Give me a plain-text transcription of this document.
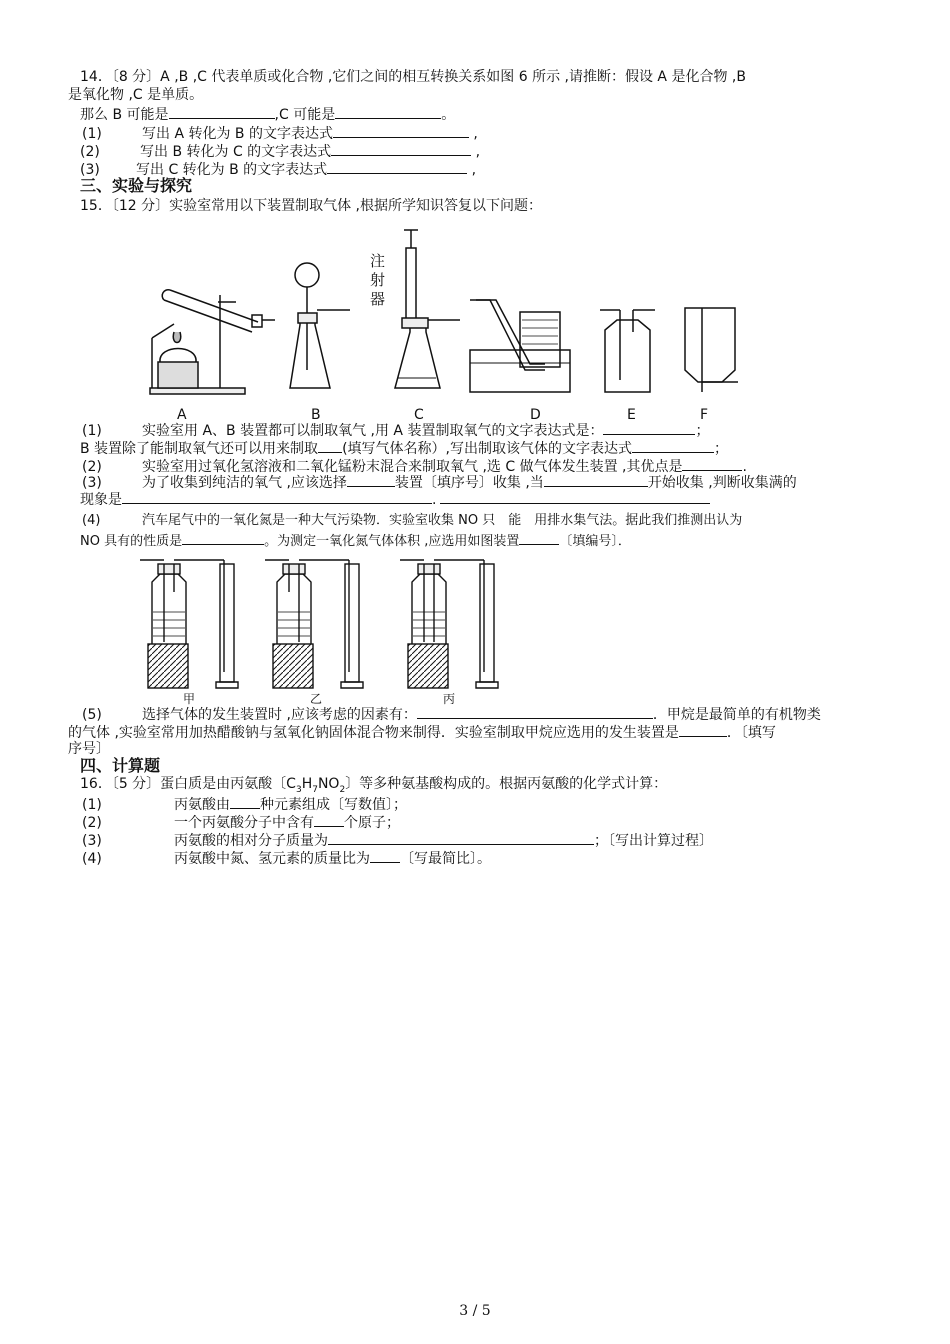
14．〔8 分〕A ,B ,C 代表单质或化合物 ,它们之间的相互转换关系如图 6 所示 ,请推断：假设 A 是化合物 ,B
是氧化物 ,C 是单质。
那么 B 可能是	,C 可能是	。
(1)	写出 A 转化为 B 的文字表达式	,
(2)	写出 B 转化为 C 的文字表达式	,
(3)	写出 C 转化为 B 的文字表达式	,
三、实验与探究
15．〔12 分〕实验室常用以下装置制取气体 ,根据所学知识答复以下问题：
注
射
器
A	B	C	D	E	F
(1)	实验室用 A、B 装置都可以制取氧气 ,用 A 装置制取氧气的文字表达式是：	；
B 装置除了能制取氧气还可以用来制取 (填写气体名称）,写出制取该气体的文字表达式	；
(2)	实验室用过氧化氢溶液和二氧化锰粉末混合来制取氧气 ,选 C 做气体发生装置 ,其优点是	.
(3)	为了收集到纯洁的氧气 ,应该选择	装置〔填序号〕收集 ,当	开始收集 ,判断收集满的
现象是	.
(4)	汽车尾气中的一氧化氮是一种大气污染物．实验室收集 NO 只　能　用排水集气法。据此我们推测出认为
NO 具有的性质是	。为测定一氧化氮气体体积 ,应选用如图装置	〔填编号〕．
甲	乙	丙
(5)	选择气体的发生装置时 ,应该考虑的因素有：	．甲烷是最简单的有机物类
的气体 ,实验室常用加热醋酸钠与氢氧化钠固体混合物来制得．实验室制取甲烷应选用的发生装置是	．〔填写
序号〕
四、计算题
16．〔5 分〕蛋白质是由丙氨酸〔$C_3H_7NO_2$〕等多种氨基酸构成的。根据丙氨酸的化学式计算：
(1)	丙氨酸由 种元素组成〔写数值〕；
(2)	一个丙氨酸分子中含有 个原子；
(3)	丙氨酸的相对分子质量为	；〔写出计算过程〕
(4)	丙氨酸中氮、氢元素的质量比为 〔写最简比〕。
3 / 5
